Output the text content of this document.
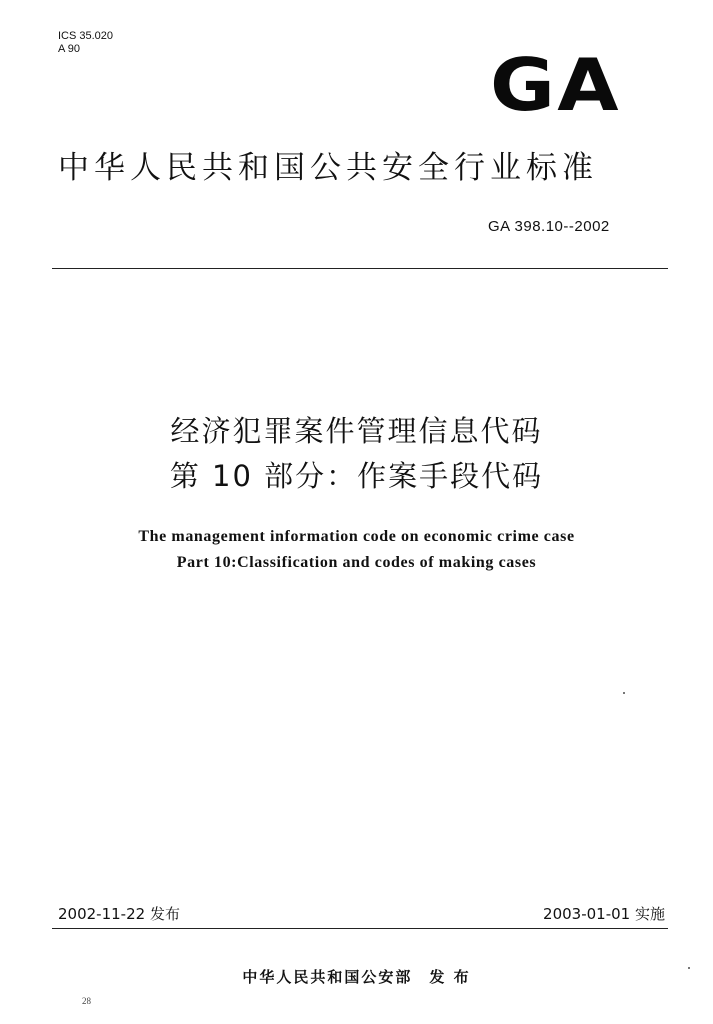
ICS 35.020
A 90	GA
中华人民共和国公共安全行业标准
GA 398.10--2002
经济犯罪案件管理信息代码
第 10 部分：作案手段代码
The management information code on economic crime case
Part 10:Classification and codes of making cases
2002-11-22 发布	2003-01-01 实施
中华人民共和国公安部　发 布
28
